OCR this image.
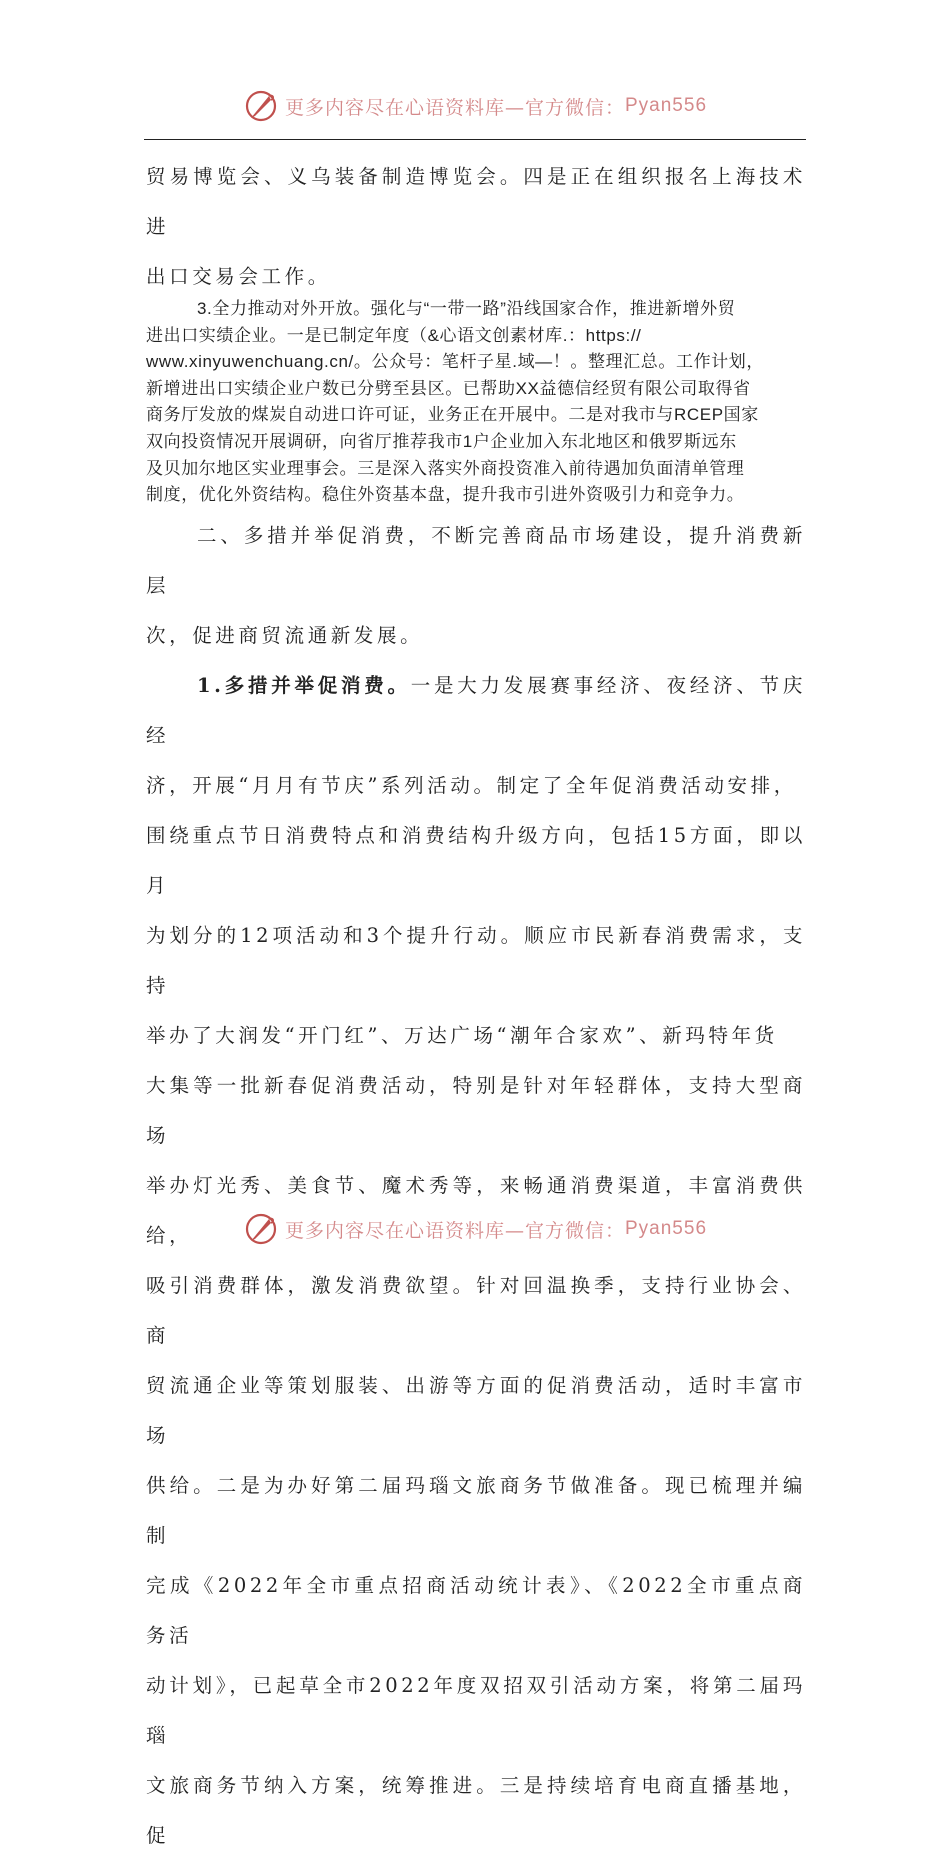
更多内容尽在心语资料库—官方微信： Pyan556

贸易博览会、义乌装备制造博览会。四是正在组织报名上海技术进
出口交易会工作。

3.全力推动对外开放。强化与“一带一路”沿线国家合作，推进新增外贸
进出口实绩企业。一是已制定年度（&心语文创素材库.：https://
www.xinyuwenchuang.cn/。公众号：笔杆子星.域—！。整理汇总。工作计划，
新增进出口实绩企业户数已分劈至县区。已帮助XX益德信经贸有限公司取得省
商务厅发放的煤炭自动进口许可证，业务正在开展中。二是对我市与RCEP国家
双向投资情况开展调研，向省厅推荐我市1户企业加入东北地区和俄罗斯远东
及贝加尔地区实业理事会。三是深入落实外商投资准入前待遇加负面清单管理
制度，优化外资结构。稳住外资基本盘，提升我市引进外资吸引力和竞争力。

二、多措并举促消费，不断完善商品市场建设，提升消费新层
次，促进商贸流通新发展。

1.多措并举促消费。一是大力发展赛事经济、夜经济、节庆经
济，开展“月月有节庆”系列活动。制定了全年促消费活动安排，
围绕重点节日消费特点和消费结构升级方向，包括15方面，即以月
为划分的12项活动和3个提升行动。顺应市民新春消费需求，支持
举办了大润发“开门红”、万达广场“潮年合家欢”、新玛特年货
大集等一批新春促消费活动，特别是针对年轻群体，支持大型商场
举办灯光秀、美食节、魔术秀等，来畅通消费渠道，丰富消费供给，
吸引消费群体，激发消费欲望。针对回温换季，支持行业协会、商
贸流通企业等策划服装、出游等方面的促消费活动，适时丰富市场
供给。二是为办好第二届玛瑙文旅商务节做准备。现已梳理并编制
完成《2022年全市重点招商活动统计表》、《2022全市重点商务活
动计划》，已起草全市2022年度双招双引活动方案，将第二届玛瑙
文旅商务节纳入方案，统筹推进。三是持续培育电商直播基地，促

更多内容尽在心语资料库—官方微信： Pyan556
